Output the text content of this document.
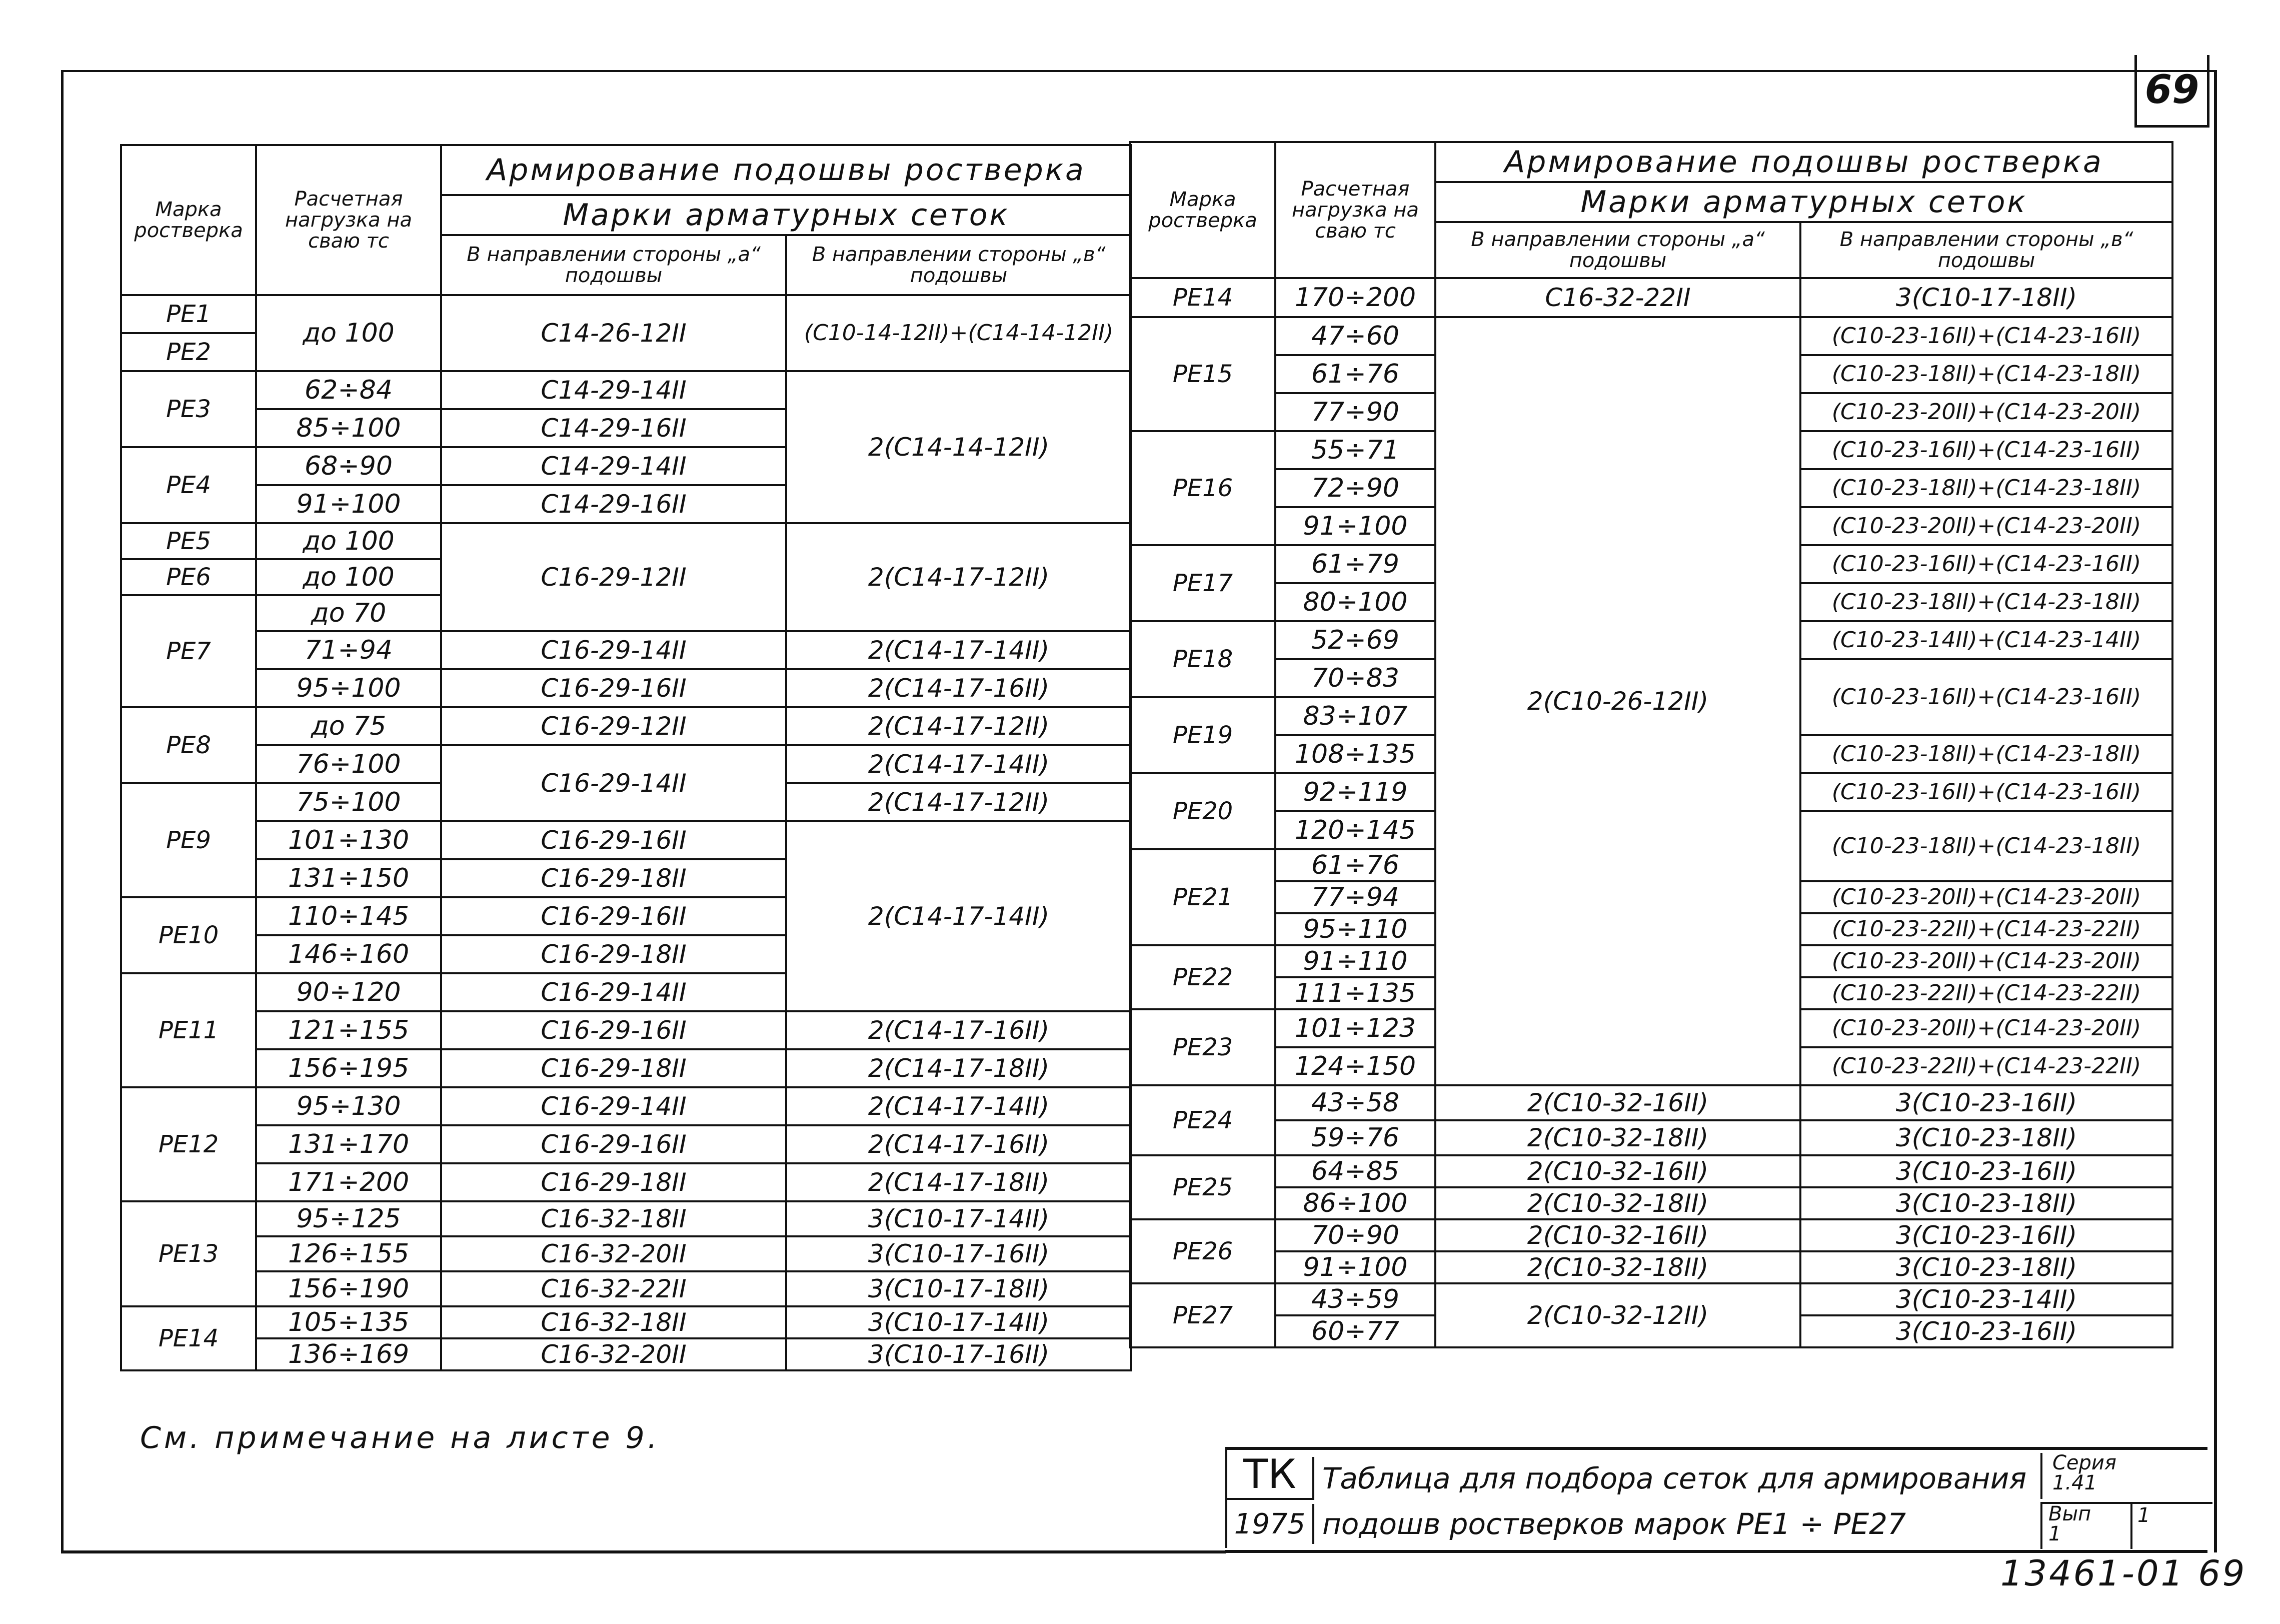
69
Марка ростверка	Расчетная нагрузка на сваю тс	Армирование подошвы ростверка	
		Марки арматурных сеток	
		В направлении стороны „а“ подошвы	В направлении стороны „в“ подошвы
PE1	до 100	С14-26-12II	(С10-14-12II)+(С14-14-12II)
PE2			
PE3	62÷84	С14-29-14II	2(С14-14-12II)
	85÷100	С14-29-16II	
PE4	68÷90	С14-29-14II	
	91÷100	С14-29-16II	
PE5	до 100	С16-29-12II	2(С14-17-12II)
PE6	до 100		
PE7	до 70		
	71÷94	С16-29-14II	2(С14-17-14II)
	95÷100	С16-29-16II	2(С14-17-16II)
PE8	до 75	С16-29-12II	2(С14-17-12II)
	76÷100	С16-29-14II	2(С14-17-14II)
PE9	75÷100		2(С14-17-12II)
	101÷130	С16-29-16II	2(С14-17-14II)
	131÷150	С16-29-18II	
PE10	110÷145	С16-29-16II	
	146÷160	С16-29-18II	
PE11	90÷120	С16-29-14II	
	121÷155	С16-29-16II	2(С14-17-16II)
	156÷195	С16-29-18II	2(С14-17-18II)
PE12	95÷130	С16-29-14II	2(С14-17-14II)
	131÷170	С16-29-16II	2(С14-17-16II)
	171÷200	С16-29-18II	2(С14-17-18II)
PE13	95÷125	С16-32-18II	3(С10-17-14II)
	126÷155	С16-32-20II	3(С10-17-16II)
	156÷190	С16-32-22II	3(С10-17-18II)
PE14	105÷135	С16-32-18II	3(С10-17-14II)
	136÷169	С16-32-20II	3(С10-17-16II)
Марка ростверка	Расчетная нагрузка на сваю тс	Армирование подошвы ростверка	
		Марки арматурных сеток	
		В направлении стороны „а“ подошвы	В направлении стороны „в“ подошвы
PE14	170÷200	С16-32-22II	3(С10-17-18II)
PE15	47÷60	2(С10-26-12II)	(С10-23-16II)+(С14-23-16II)
	61÷76		(С10-23-18II)+(С14-23-18II)
	77÷90		(С10-23-20II)+(С14-23-20II)
PE16	55÷71		(С10-23-16II)+(С14-23-16II)
	72÷90		(С10-23-18II)+(С14-23-18II)
	91÷100		(С10-23-20II)+(С14-23-20II)
PE17	61÷79		(С10-23-16II)+(С14-23-16II)
	80÷100		(С10-23-18II)+(С14-23-18II)
PE18	52÷69		(С10-23-14II)+(С14-23-14II)
	70÷83		(С10-23-16II)+(С14-23-16II)
PE19	83÷107		
	108÷135		(С10-23-18II)+(С14-23-18II)
PE20	92÷119		(С10-23-16II)+(С14-23-16II)
	120÷145		(С10-23-18II)+(С14-23-18II)
PE21	61÷76		
	77÷94		(С10-23-20II)+(С14-23-20II)
	95÷110		(С10-23-22II)+(С14-23-22II)
PE22	91÷110		(С10-23-20II)+(С14-23-20II)
	111÷135		(С10-23-22II)+(С14-23-22II)
PE23	101÷123		(С10-23-20II)+(С14-23-20II)
	124÷150		(С10-23-22II)+(С14-23-22II)
PE24	43÷58	2(С10-32-16II)	3(С10-23-16II)
	59÷76	2(С10-32-18II)	3(С10-23-18II)
PE25	64÷85	2(С10-32-16II)	3(С10-23-16II)
	86÷100	2(С10-32-18II)	3(С10-23-18II)
PE26	70÷90	2(С10-32-16II)	3(С10-23-16II)
	91÷100	2(С10-32-18II)	3(С10-23-18II)
PE27	43÷59	2(С10-32-12II)	3(С10-23-14II)
	60÷77		3(С10-23-16II)
См. примечание на листе 9.
ТК
1975
Таблица для подбора сеток для армирования
подошв ростверков марок PE1 ÷ PE27
Серия
1.41
Вып
1
1
13461-01 69
